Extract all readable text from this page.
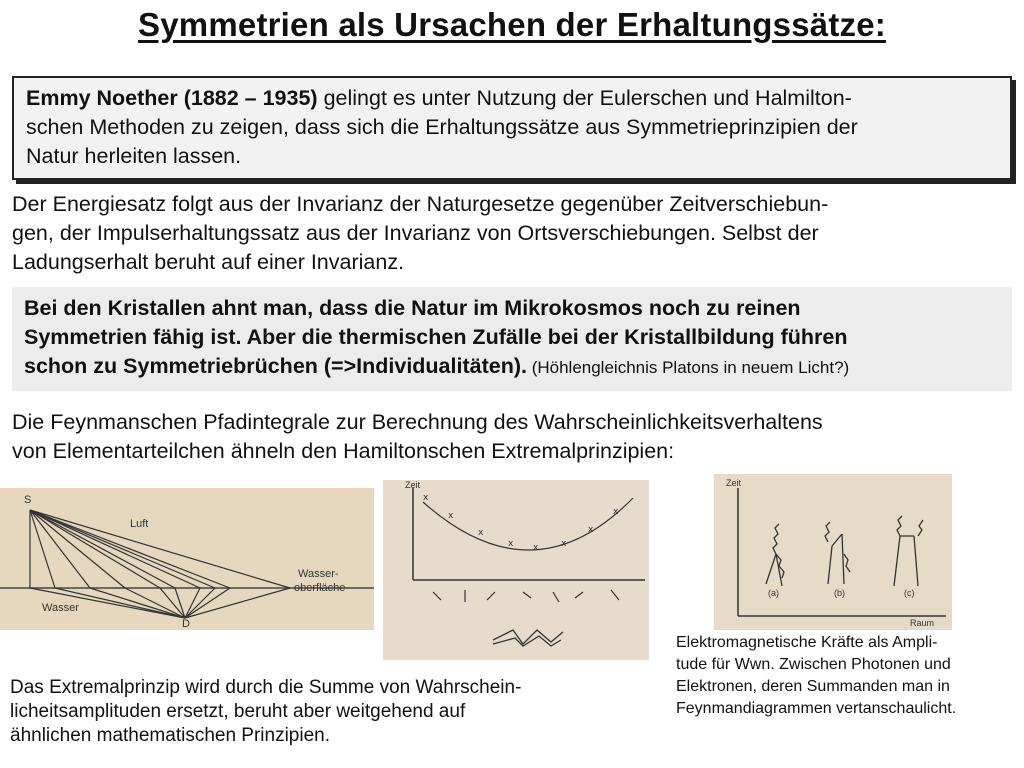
Symmetrien als Ursachen der Erhaltungssätze:
Emmy Noether (1882 – 1935) gelingt es unter Nutzung der Eulerschen und Halmilton-
schen Methoden zu zeigen, dass sich die Erhaltungssätze aus Symmetrieprinzipien der
Natur herleiten lassen.
Der Energiesatz folgt aus der Invarianz der Naturgesetze gegenüber Zeitverschiebun-
gen, der Impulserhaltungssatz aus der Invarianz von Ortsverschiebungen. Selbst der
Ladungserhalt beruht auf einer Invarianz.
Bei den Kristallen ahnt man, dass die Natur im Mikrokosmos noch zu reinen
Symmetrien fähig ist. Aber die thermischen Zufälle bei der Kristallbildung führen
schon zu Symmetriebrüchen (=>Individualitäten). (Höhlengleichnis Platons in neuem Licht?)
Die Feynmanschen Pfadintegrale zur Berechnung des Wahrscheinlichkeitsverhaltens
von Elementarteilchen ähneln den Hamiltonschen Extremalprinzipien:
S
Luft
Wasser
Wasser-
oberfläche
D
x
x
x
x x	x
x
x
Zeit	Zeit
Raum
(a)	(b)	(c)
Das Extremalprinzip wird durch die Summe von Wahrschein-
licheitsamplituden ersetzt, beruht aber weitgehend auf
ähnlichen mathematischen Prinzipien.
Elektromagnetische Kräfte als Ampli-
tude für Wwn. Zwischen Photonen und
Elektronen, deren Summanden man in
Feynmandiagrammen vertanschaulicht.
